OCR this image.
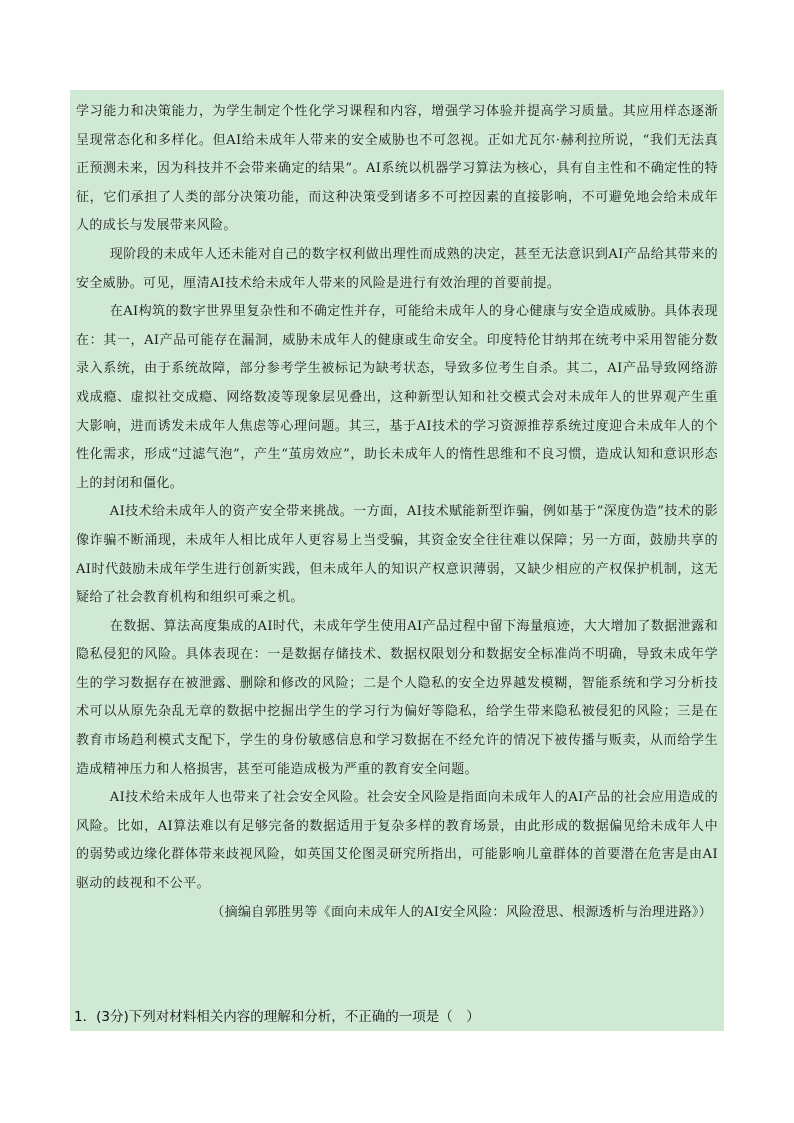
学习能力和决策能力，为学生制定个性化学习课程和内容，增强学习体验并提高学习质量。其应用样态逐渐呈现常态化和多样化。但AI给未成年人带来的安全威胁也不可忽视。正如尤瓦尔·赫利拉所说，“我们无法真正预测未来，因为科技并不会带来确定的结果”。AI系统以机器学习算法为核心，具有自主性和不确定性的特征，它们承担了人类的部分决策功能，而这种决策受到诸多不可控因素的直接影响，不可避免地会给未成年人的成长与发展带来风险。

现阶段的未成年人还未能对自己的数字权利做出理性而成熟的决定，甚至无法意识到AI产品给其带来的安全威胁。可见，厘清AI技术给未成年人带来的风险是进行有效治理的首要前提。

在AI构筑的数字世界里复杂性和不确定性并存，可能给未成年人的身心健康与安全造成威胁。具体表现在：其一，AI产品可能存在漏洞，威胁未成年人的健康或生命安全。印度特伦甘纳邦在统考中采用智能分数录入系统，由于系统故障，部分参考学生被标记为缺考状态，导致多位考生自杀。其二，AI产品导致网络游戏成瘾、虚拟社交成瘾、网络数凌等现象层见叠出，这种新型认知和社交模式会对未成年人的世界观产生重大影响，进而诱发未成年人焦虑等心理问题。其三，基于AI技术的学习资源推荐系统过度迎合未成年人的个性化需求，形成“过滤气泡”，产生“茧房效应”，助长未成年人的惰性思维和不良习惯，造成认知和意识形态上的封闭和僵化。

AI技术给未成年人的资产安全带来挑战。一方面，AI技术赋能新型诈骗，例如基于“深度伪造”技术的影像诈骗不断涌现，未成年人相比成年人更容易上当受骗，其资金安全往往难以保障；另一方面，鼓励共享的AI时代鼓励未成年学生进行创新实践，但未成年人的知识产权意识薄弱，又缺少相应的产权保护机制，这无疑给了社会教育机构和组织可乘之机。

在数据、算法高度集成的AI时代，未成年学生使用AI产品过程中留下海量痕迹，大大增加了数据泄露和隐私侵犯的风险。具体表现在：一是数据存储技术、数据权限划分和数据安全标准尚不明确，导致未成年学生的学习数据存在被泄露、删除和修改的风险；二是个人隐私的安全边界越发模糊，智能系统和学习分析技术可以从原先杂乱无章的数据中挖掘出学生的学习行为偏好等隐私，给学生带来隐私被侵犯的风险；三是在教育市场趋利模式支配下，学生的身份敏感信息和学习数据在不经允许的情况下被传播与贩卖，从而给学生造成精神压力和人格损害，甚至可能造成极为严重的教育安全问题。

AI技术给未成年人也带来了社会安全风险。社会安全风险是指面向未成年人的AI产品的社会应用造成的风险。比如，AI算法难以有足够完备的数据适用于复杂多样的教育场景，由此形成的数据偏见给未成年人中的弱势或边缘化群体带来歧视风险，如英国艾伦图灵研究所指出，可能影响儿童群体的首要潜在危害是由AI驱动的歧视和不公平。

（摘编自郭胜男等《面向未成年人的AI安全风险：风险澄思、根源透析与治理进路》）

1．(3分)下列对材料相关内容的理解和分析，不正确的一项是（　）
